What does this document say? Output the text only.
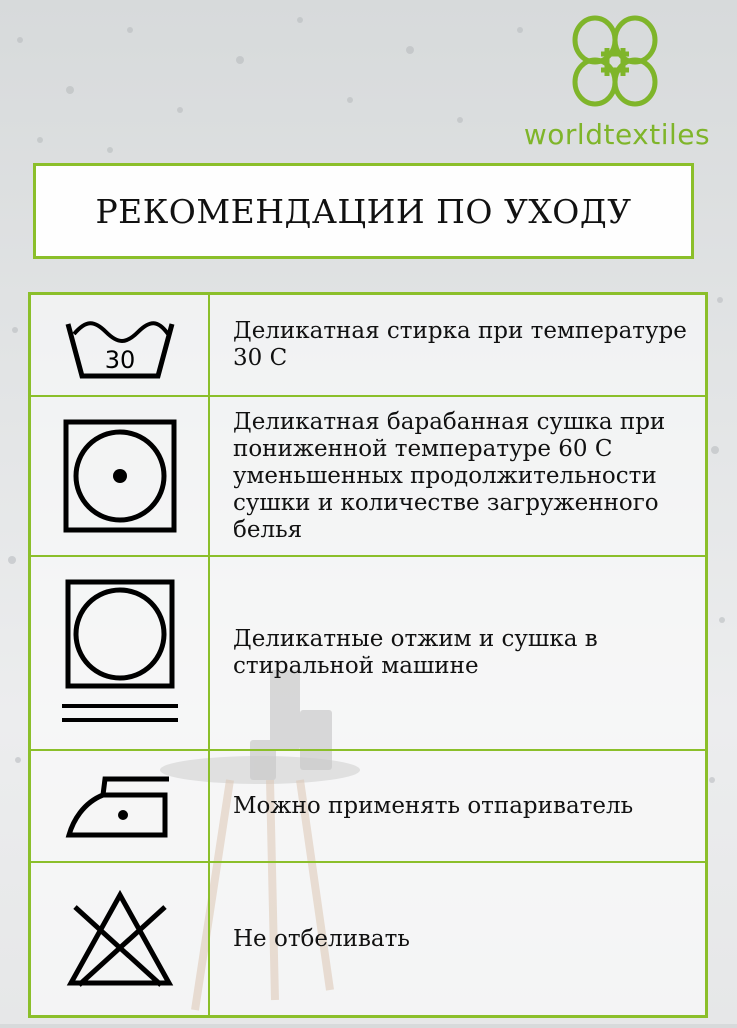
worldtextiles
РЕКОМЕНДАЦИИ ПО УХОДУ
30
Деликатная стирка при температуре 30 С
Деликатная барабанная сушка при пониженной температуре 60 С уменьшенных продолжительности сушки и количестве загруженного белья
Деликатные отжим и сушка в стиральной машине
Можно применять отпариватель
Не отбеливать
